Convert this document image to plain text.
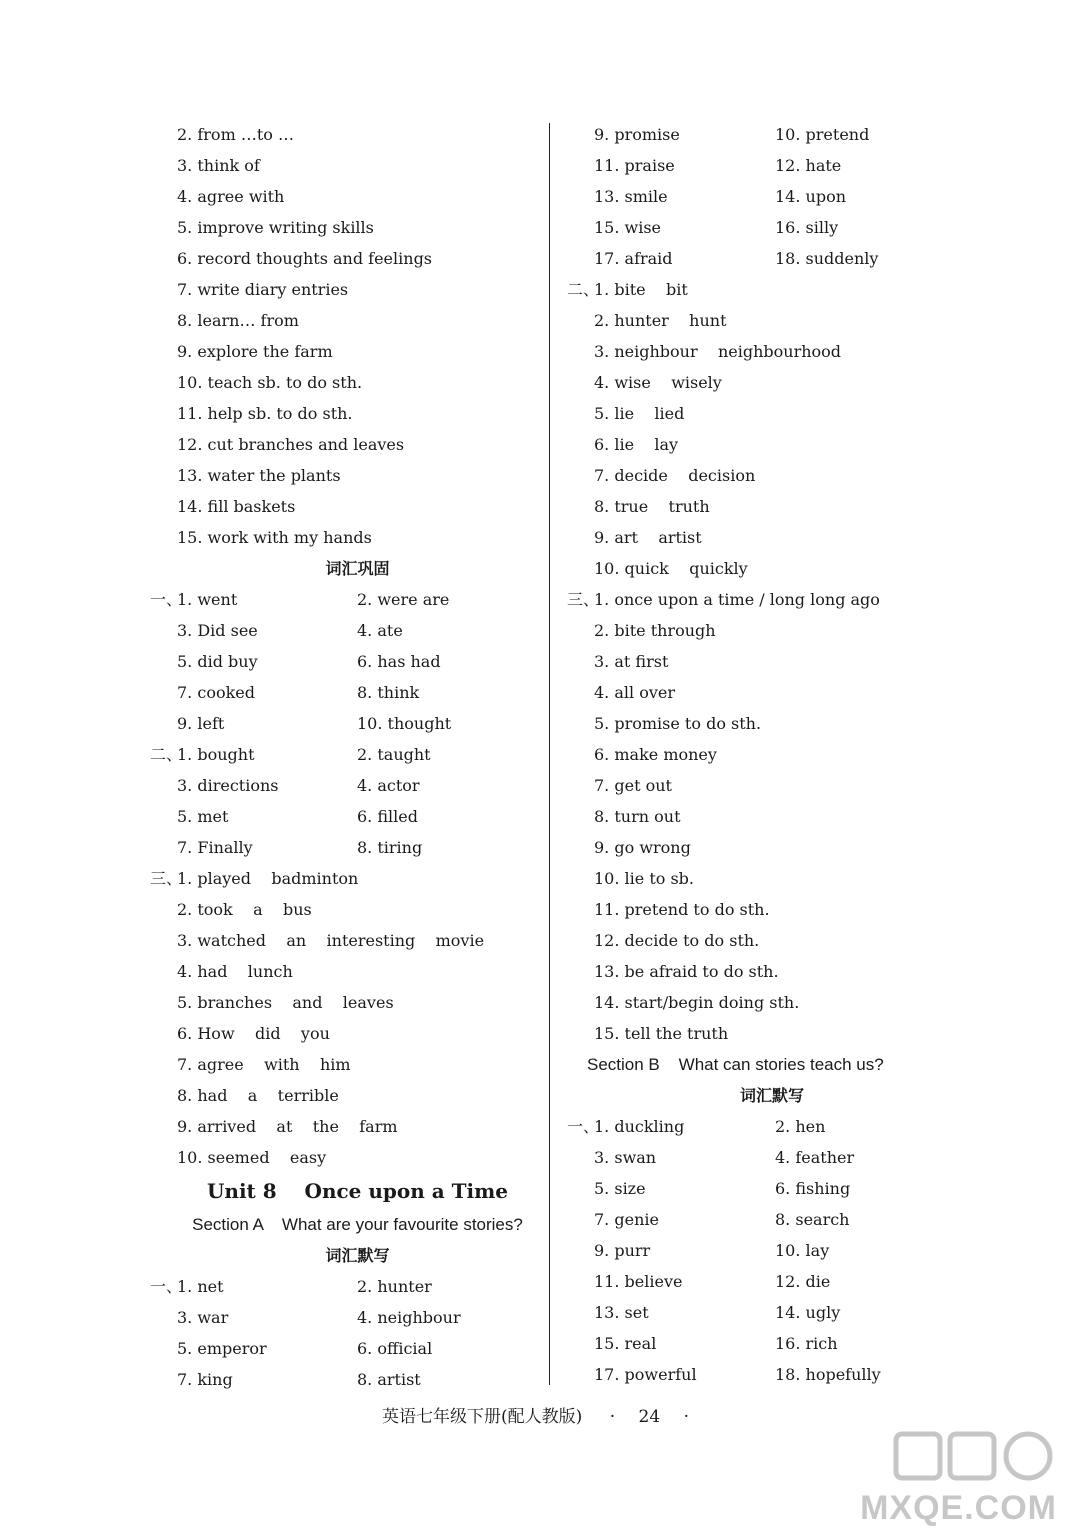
2. from …to …
3. think of
4. agree with
5. improve writing skills
6. record thoughts and feelings
7. write diary entries
8. learn… from
9. explore the farm
10. teach sb. to do sth.
11. help sb. to do sth.
12. cut branches and leaves
13. water the plants
14. fill baskets
15. work with my hands
词汇巩固
一、
1. went	2. were are
3. Did see	4. ate
5. did buy	6. has had
7. cooked	8. think
9. left	10. thought
二、
1. bought	2. taught
3. directions	4. actor
5. met	6. filled
7. Finally	8. tiring
三、
1. played    badminton
2. took    a    bus
3. watched    an    interesting    movie
4. had    lunch
5. branches    and    leaves
6. How    did    you
7. agree    with    him
8. had    a    terrible
9. arrived    at    the    farm
10. seemed    easy
Unit 8    Once upon a Time
Section A    What are your favourite stories?
词汇默写
一、
1. net	2. hunter
3. war	4. neighbour
5. emperor	6. official
7. king	8. artist
9. promise	10. pretend
11. praise	12. hate
13. smile	14. upon
15. wise	16. silly
17. afraid	18. suddenly
二、
1. bite    bit
2. hunter    hunt
3. neighbour    neighbourhood
4. wise    wisely
5. lie    lied
6. lie    lay
7. decide    decision
8. true    truth
9. art    artist
10. quick    quickly
三、
1. once upon a time / long long ago
2. bite through
3. at first
4. all over
5. promise to do sth.
6. make money
7. get out
8. turn out
9. go wrong
10. lie to sb.
11. pretend to do sth.
12. decide to do sth.
13. be afraid to do sth.
14. start/begin doing sth.
15. tell the truth
Section B    What can stories teach us?
词汇默写
一、
1. duckling	2. hen
3. swan	4. feather
5. size	6. fishing
7. genie	8. search
9. purr	10. lay
11. believe	12. die
13. set	14. ugly
15. real	16. rich
17. powerful	18. hopefully
英语七年级下册(配人教版) · 24 ·
MXQE.COM
